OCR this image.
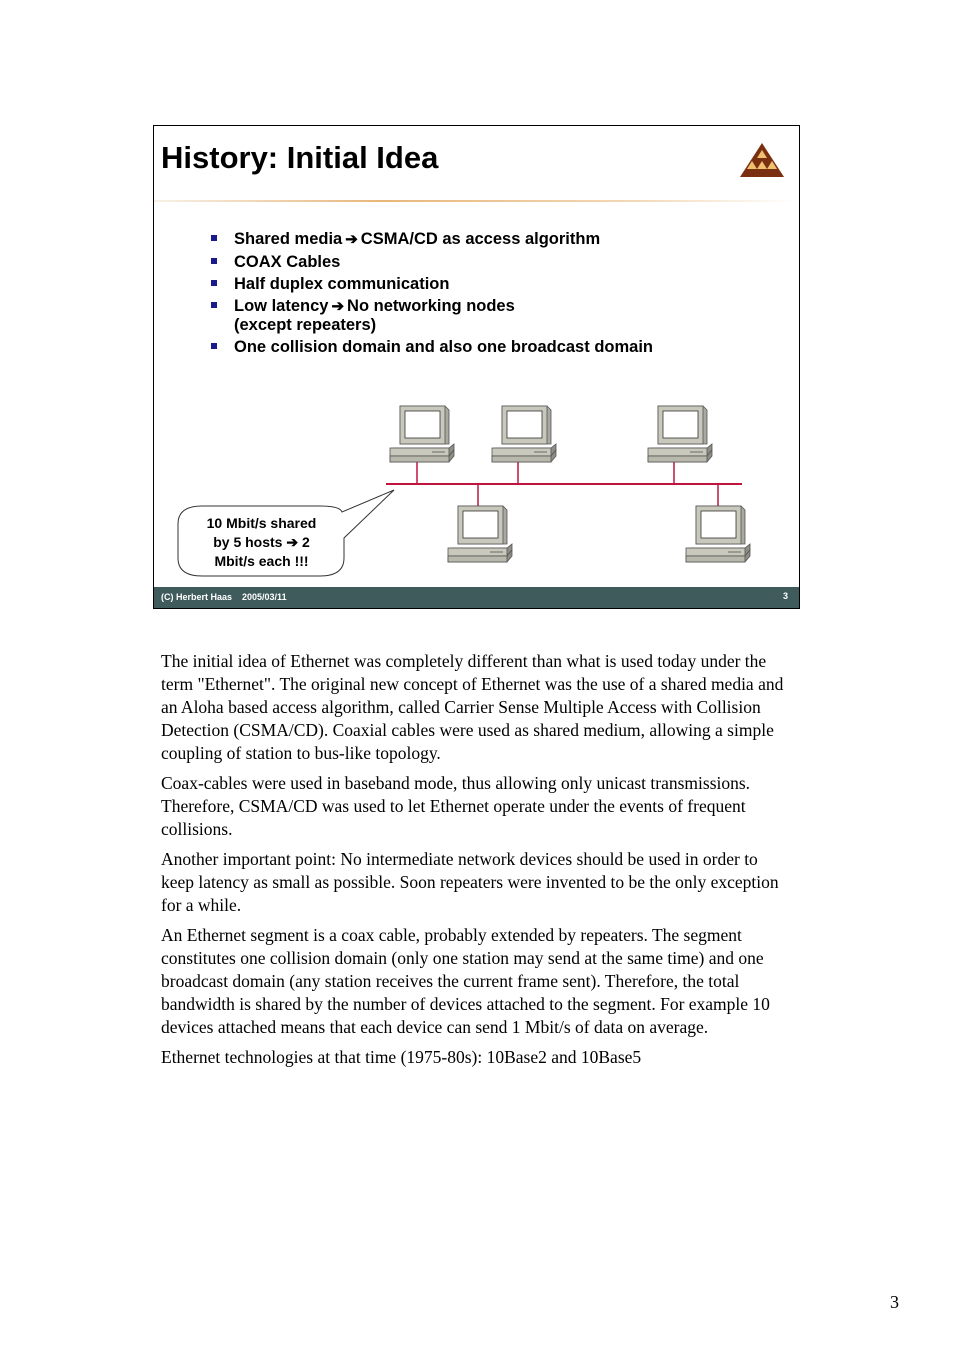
History: Initial Idea
Shared media ➔ CSMA/CD as access algorithm
COAX Cables
Half duplex communication
Low latency ➔ No networking nodes
(except repeaters)
One collision domain and also one broadcast domain
10 Mbit/s shared
by 5 hosts ➔ 2
Mbit/s each !!!
(C) Herbert Haas    2005/03/11	3

The initial idea of Ethernet was completely different than what is used today under the term "Ethernet". The original new concept of Ethernet was the use of a shared media and an Aloha based access algorithm, called Carrier Sense Multiple Access with Collision Detection (CSMA/CD). Coaxial cables were used as shared medium, allowing a simple coupling of station to bus-like topology.

Coax-cables were used in baseband mode, thus allowing only unicast transmissions. Therefore, CSMA/CD was used to let Ethernet operate under the events of frequent collisions.

Another important point: No intermediate network devices should be used in order to keep latency as small as possible. Soon repeaters were invented to be the only exception for a while.

An Ethernet segment is a coax cable, probably extended by repeaters. The segment constitutes one collision domain (only one station may send at the same time) and one broadcast domain (any station receives the current frame sent). Therefore, the total bandwidth is shared by the number of devices attached to the segment. For example 10 devices attached means that each device can send 1 Mbit/s of data on average.

Ethernet technologies at that time (1975-80s): 10Base2 and 10Base5

3
